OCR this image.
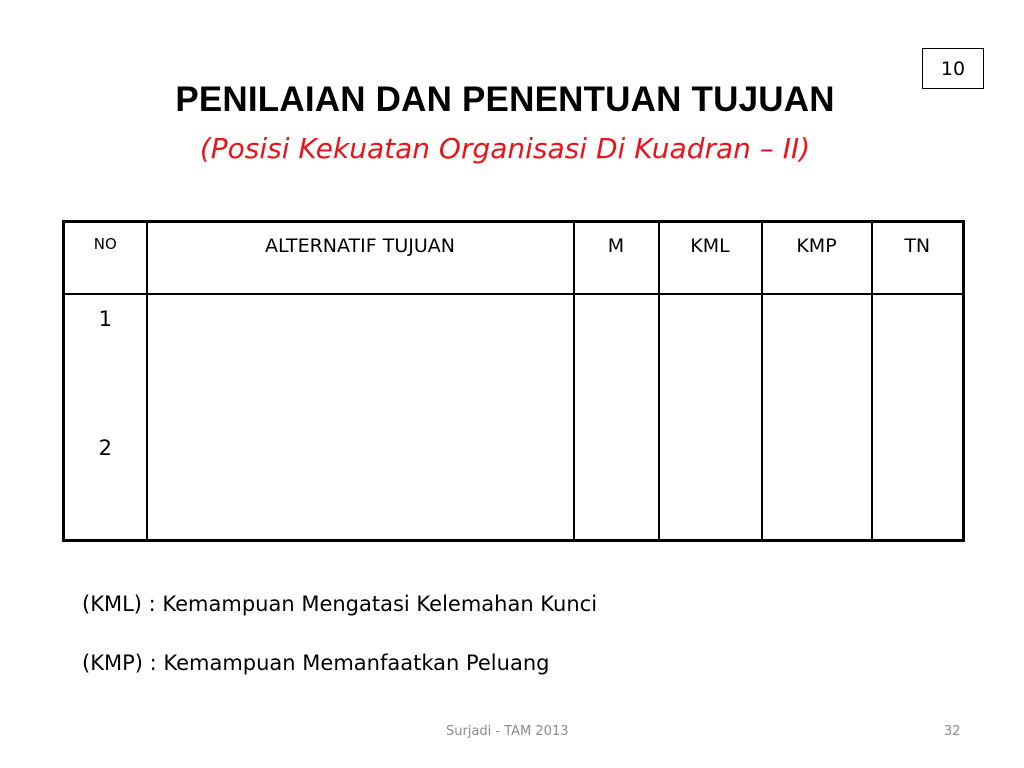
10
PENILAIAN DAN PENENTUAN TUJUAN
(Posisi Kekuatan Organisasi Di Kuadran – II)
NO	ALTERNATIF TUJUAN	M	KML	KMP	TN

1
2					

(KML) : Kemampuan Mengatasi Kelemahan Kunci
(KMP) : Kemampuan Memanfaatkan Peluang
Surjadi - TAM 2013	32
